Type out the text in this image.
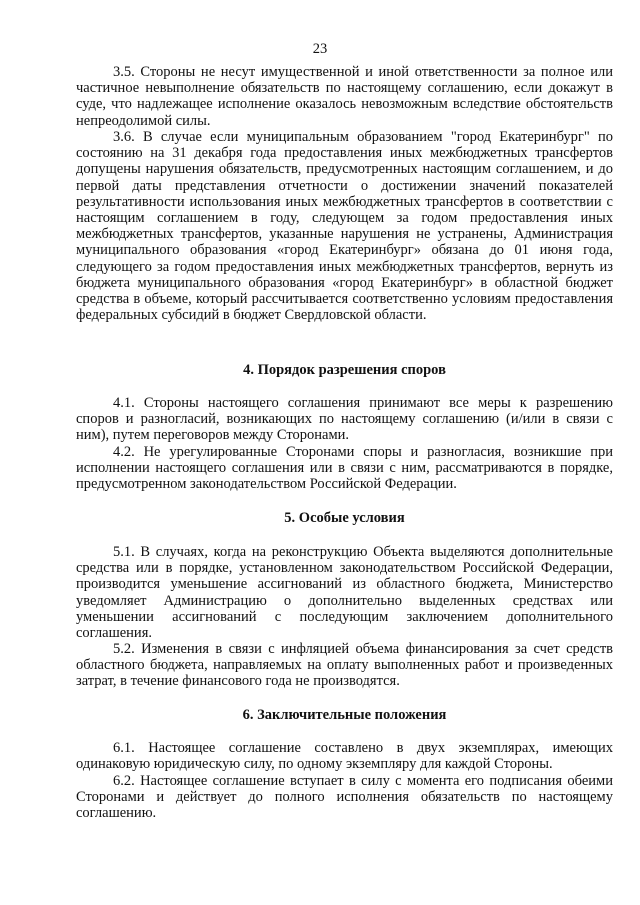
23

3.5. Стороны не несут имущественной и иной ответственности за полное или частичное невыполнение обязательств по настоящему соглашению, если докажут в суде, что надлежащее исполнение оказалось невозможным вследствие обстоятельств непреодолимой силы.

3.6. В случае если муниципальным образованием "город Екатеринбург" по состоянию на 31 декабря года предоставления иных межбюджетных трансфертов допущены нарушения обязательств, предусмотренных настоящим соглашением, и до первой даты представления отчетности о достижении значений показателей результативности использования иных межбюджетных трансфертов в соответствии с настоящим соглашением в году, следующем за годом предоставления иных межбюджетных трансфертов, указанные нарушения не устранены, Администрация муниципального образования «город Екатеринбург» обязана до 01 июня года, следующего за годом предоставления иных межбюджетных трансфертов, вернуть из бюджета муниципального образования «город Екатеринбург» в областной бюджет средства в объеме, который рассчитывается соответственно условиям предоставления федеральных субсидий в бюджет Свердловской области.

4. Порядок разрешения споров

4.1. Стороны настоящего соглашения принимают все меры к разрешению споров и разногласий, возникающих по настоящему соглашению (и/или в связи с ним), путем переговоров между Сторонами.

4.2. Не урегулированные Сторонами споры и разногласия, возникшие при исполнении настоящего соглашения или в связи с ним, рассматриваются в порядке, предусмотренном законодательством Российской Федерации.

5. Особые условия

5.1. В случаях, когда на реконструкцию Объекта выделяются дополнительные средства или в порядке, установленном законодательством Российской Федерации, производится уменьшение ассигнований из областного бюджета, Министерство уведомляет Администрацию о дополнительно выделенных средствах или уменьшении ассигнований с последующим заключением дополнительного соглашения.

5.2. Изменения в связи с инфляцией объема финансирования за счет средств областного бюджета, направляемых на оплату выполненных работ и произведенных затрат, в течение финансового года не производятся.

6. Заключительные положения

6.1. Настоящее соглашение составлено в двух экземплярах, имеющих одинаковую юридическую силу, по одному экземпляру для каждой Стороны.

6.2. Настоящее соглашение вступает в силу с момента его подписания обеими Сторонами и действует до полного исполнения обязательств по настоящему соглашению.
